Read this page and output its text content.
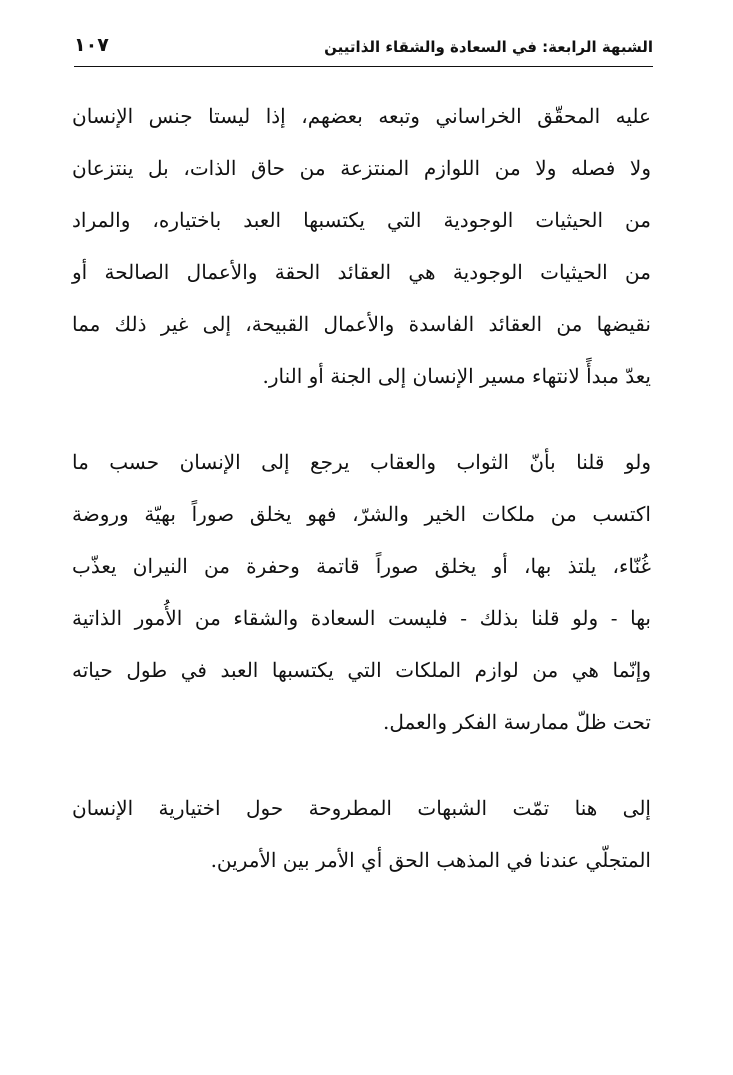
الشبهة الرابعة: في السعادة والشقاء الذاتيين
١٠٧
عليه المحقّق الخراساني وتبعه بعضهم، إذا ليستا جنس الإنسان
ولا فصله ولا من اللوازم المنتزعة من حاق الذات، بل ينتزعان
من الحيثيات الوجودية التي يكتسبها العبد باختياره، والمراد
من الحيثيات الوجودية هي العقائد الحقة والأعمال الصالحة أو
نقيضها من العقائد الفاسدة والأعمال القبيحة، إلى غير ذلك مما
يعدّ مبدأً لانتهاء مسير الإنسان إلى الجنة أو النار.
ولو قلنا بأنّ الثواب والعقاب يرجع إلى الإنسان حسب ما
اكتسب من ملكات الخير والشرّ، فهو يخلق صوراً بهيّة وروضة
غُنّاء، يلتذ بها، أو يخلق صوراً قاتمة وحفرة من النيران يعذّب
بها - ولو قلنا بذلك - فليست السعادة والشقاء من الأُمور الذاتية
وإنّما هي من لوازم الملكات التي يكتسبها العبد في طول حياته
تحت ظلّ ممارسة الفكر والعمل.
إلى هنا تمّت الشبهات المطروحة حول اختيارية الإنسان
المتجلّي عندنا في المذهب الحق أي الأمر بين الأمرين.
